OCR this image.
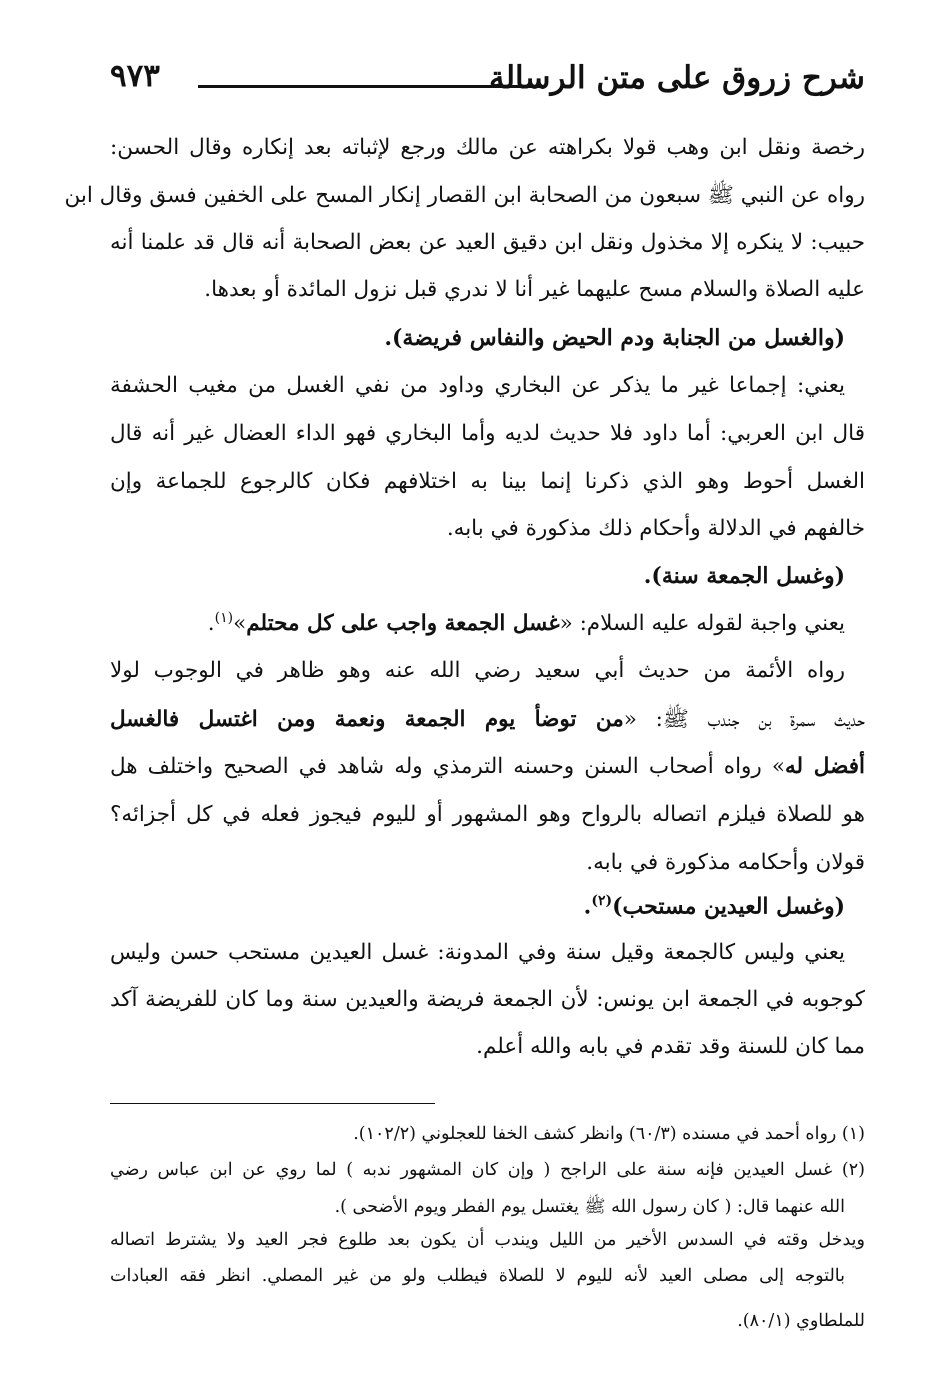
شرح زروق على متن الرسالة
٩٧٣
رخصة ونقل ابن وهب قولا بكراهته عن مالك ورجع لإثباته بعد إنكاره وقال الحسن:
رواه عن النبي ﷺ سبعون من الصحابة ابن القصار إنكار المسح على الخفين فسق وقال ابن
حبيب: لا ينكره إلا مخذول ونقل ابن دقيق العيد عن بعض الصحابة أنه قال قد علمنا أنه
عليه الصلاة والسلام مسح عليهما غير أنا لا ندري قبل نزول المائدة أو بعدها.
(والغسل من الجنابة ودم الحيض والنفاس فريضة).
يعني: إجماعا غير ما يذكر عن البخاري وداود من نفي الغسل من مغيب الحشفة
قال ابن العربي: أما داود فلا حديث لديه وأما البخاري فهو الداء العضال غير أنه قال
الغسل أحوط وهو الذي ذكرنا إنما بينا به اختلافهم فكان كالرجوع للجماعة وإن
خالفهم في الدلالة وأحكام ذلك مذكورة في بابه.
(وغسل الجمعة سنة).
يعني واجبة لقوله عليه السلام: «غسل الجمعة واجب على كل محتلم»$^{(١)}$.
رواه الأئمة من حديث أبي سعيد رضي الله عنه وهو ظاهر في الوجوب لولا
حديث سمرة بن جندب ﷺ: «من توضأ يوم الجمعة ونعمة ومن اغتسل فالغسل
أفضل له» رواه أصحاب السنن وحسنه الترمذي وله شاهد في الصحيح واختلف هل
هو للصلاة فيلزم اتصاله بالرواح وهو المشهور أو لليوم فيجوز فعله في كل أجزائه؟
قولان وأحكامه مذكورة في بابه.
(وغسل العيدين مستحب)$^{(٢)}$.
يعني وليس كالجمعة وقيل سنة وفي المدونة: غسل العيدين مستحب حسن وليس
كوجوبه في الجمعة ابن يونس: لأن الجمعة فريضة والعيدين سنة وما كان للفريضة آكد
مما كان للسنة وقد تقدم في بابه والله أعلم.
(١) رواه أحمد في مسنده (٦٠/٣) وانظر كشف الخفا للعجلوني (١٠٢/٢).
(٢) غسل العيدين فإنه سنة على الراجح ( وإن كان المشهور ندبه ) لما روي عن ابن عباس رضي
الله عنهما قال: ( كان رسول الله ﷺ يغتسل يوم الفطر ويوم الأضحى ).
ويدخل وقته في السدس الأخير من الليل ويندب أن يكون بعد طلوع فجر العيد ولا يشترط اتصاله
بالتوجه إلى مصلى العيد لأنه لليوم لا للصلاة فيطلب ولو من غير المصلي. انظر فقه العبادات
للملطاوي (٨٠/١).
